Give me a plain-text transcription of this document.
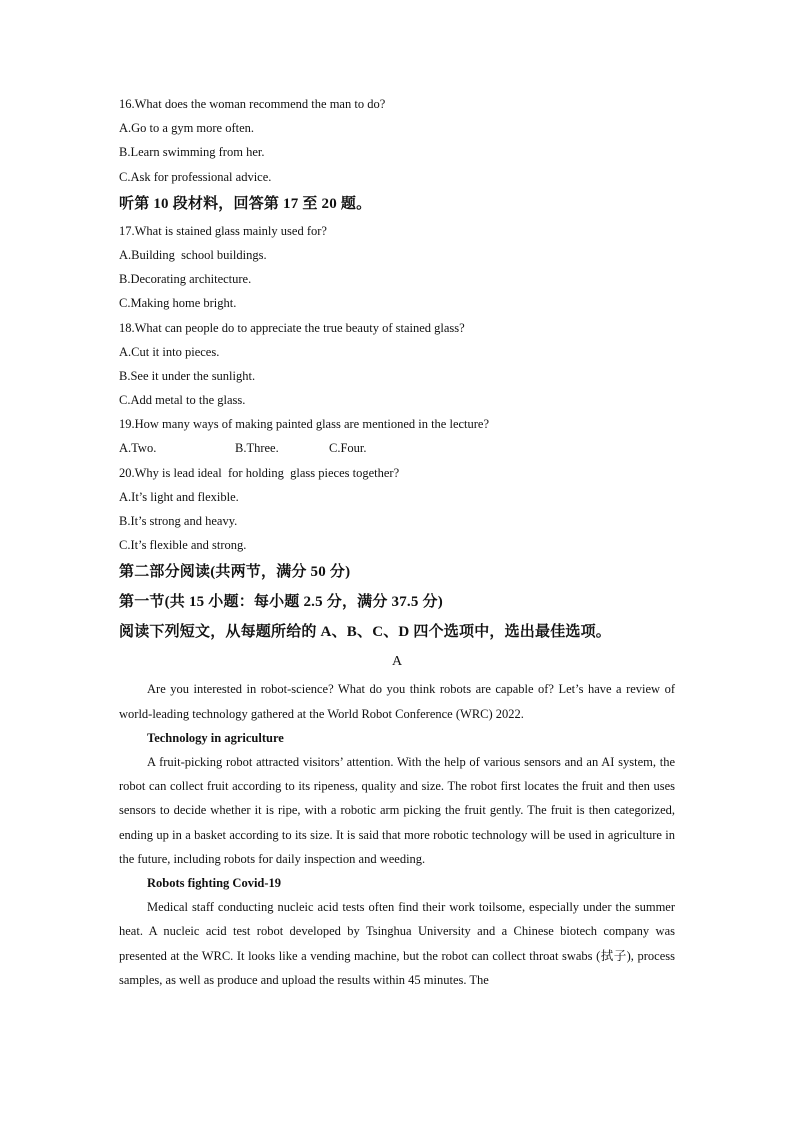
16.What does the woman recommend the man to do?
A.Go to a gym more often.
B.Learn swimming from her.
C.Ask for professional advice.
听第 10 段材料，回答第 17 至 20 题。
17.What is stained glass mainly used for?
A.Building  school buildings.
B.Decorating architecture.
C.Making home bright.
18.What can people do to appreciate the true beauty of stained glass?
A.Cut it into pieces.
B.See it under the sunlight.
C.Add metal to the glass.
19.How many ways of making painted glass are mentioned in the lecture?
A.Two.	B.Three.	C.Four.
20.Why is lead ideal  for holding  glass pieces together?
A.It’s light and flexible.
B.It’s strong and heavy.
C.It’s flexible and strong.
第二部分阅读(共两节，满分 50 分)
第一节(共 15 小题：每小题 2.5 分，满分 37.5 分)
阅读下列短文，从每题所给的 A、B、C、D 四个选项中，选出最佳选项。
A

Are you interested in robot-science? What do you think robots are capable of? Let’s have a review of world-leading technology gathered at the World Robot Conference (WRC) 2022.

Technology in agriculture

A fruit-picking robot attracted visitors’ attention. With the help of various sensors and an AI system, the robot can collect fruit according to its ripeness, quality and size. The robot first locates the fruit and then uses sensors to decide whether it is ripe, with a robotic arm picking the fruit gently. The fruit is then categorized, ending up in a basket according to its size. It is said that more robotic technology will be used in agriculture in the future, including robots for daily inspection and weeding.

Robots fighting Covid-19

Medical staff conducting nucleic acid tests often find their work toilsome, especially under the summer heat. A nucleic acid test robot developed by Tsinghua University and a Chinese biotech company was presented at the WRC. It looks like a vending machine, but the robot can collect throat swabs (拭子), process samples, as well as produce and upload the results within 45 minutes. The
